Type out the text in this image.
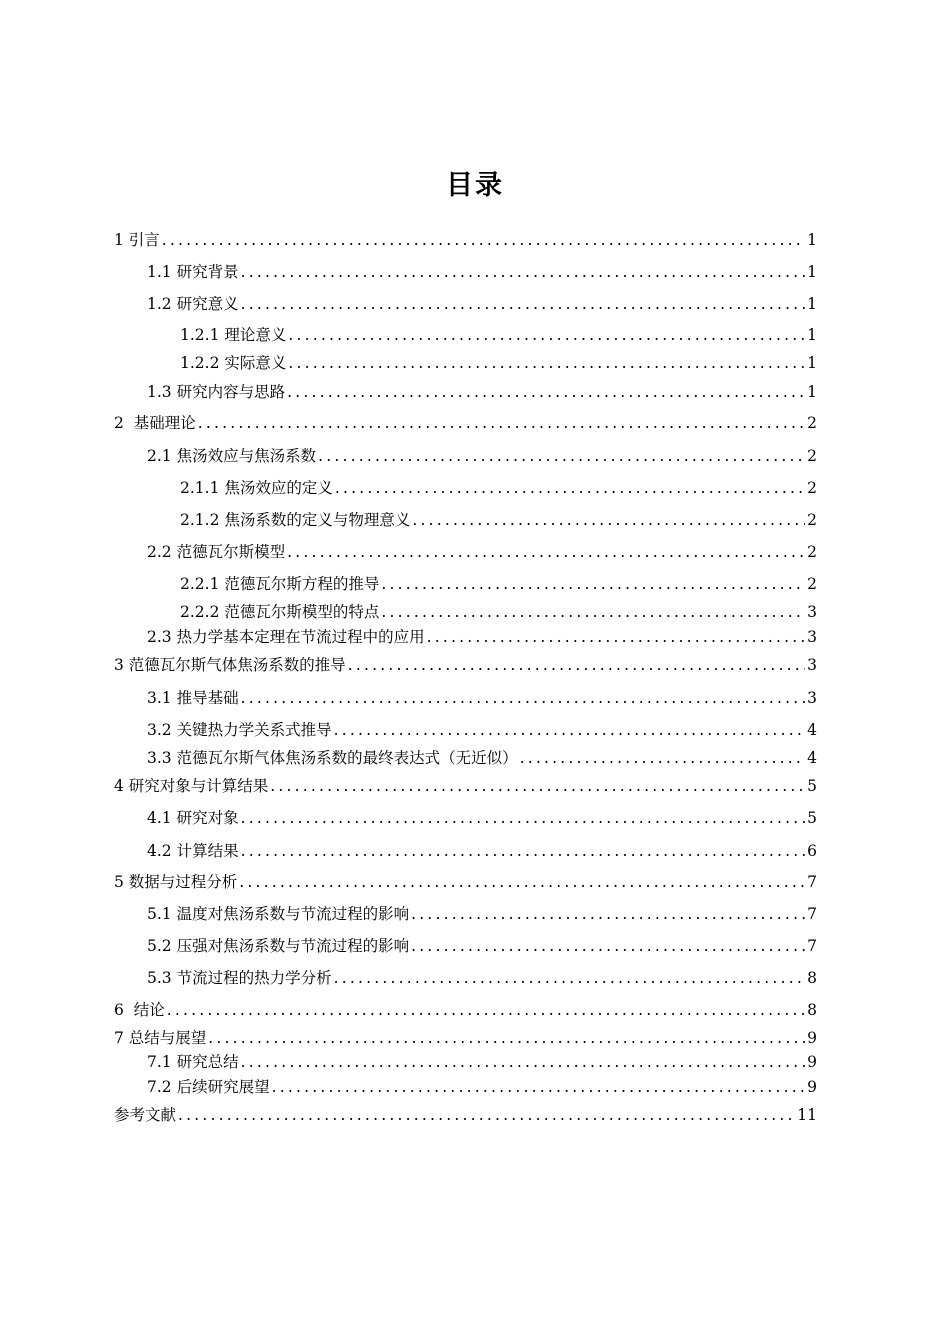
目录
1 引言 .....	1
1.1 研究背景 .....	1
1.2 研究意义 .....	1
1.2.1 理论意义 .....	1
1.2.2 实际意义 .....	1
1.3 研究内容与思路 .....	1
2  基础理论 .....	2
2.1 焦汤效应与焦汤系数 .....	2
2.1.1 焦汤效应的定义 .....	2
2.1.2 焦汤系数的定义与物理意义 .....	2
2.2 范德瓦尔斯模型 .....	2
2.2.1 范德瓦尔斯方程的推导 .....	2
2.2.2 范德瓦尔斯模型的特点 .....	3
2.3 热力学基本定理在节流过程中的应用 .....	3
3 范德瓦尔斯气体焦汤系数的推导 .....	3
3.1 推导基础 .....	3
3.2 关键热力学关系式推导 .....	4
3.3 范德瓦尔斯气体焦汤系数的最终表达式（无近似） .....	4
4 研究对象与计算结果 .....	5
4.1 研究对象 .....	5
4.2 计算结果 .....	6
5 数据与过程分析 .....	7
5.1 温度对焦汤系数与节流过程的影响 .....	7
5.2 压强对焦汤系数与节流过程的影响 .....	7
5.3 节流过程的热力学分析 .....	8
6  结论 .....	8
7 总结与展望 .....	9
7.1 研究总结 .....	9
7.2 后续研究展望 .....	9
参考文献 .....	11
